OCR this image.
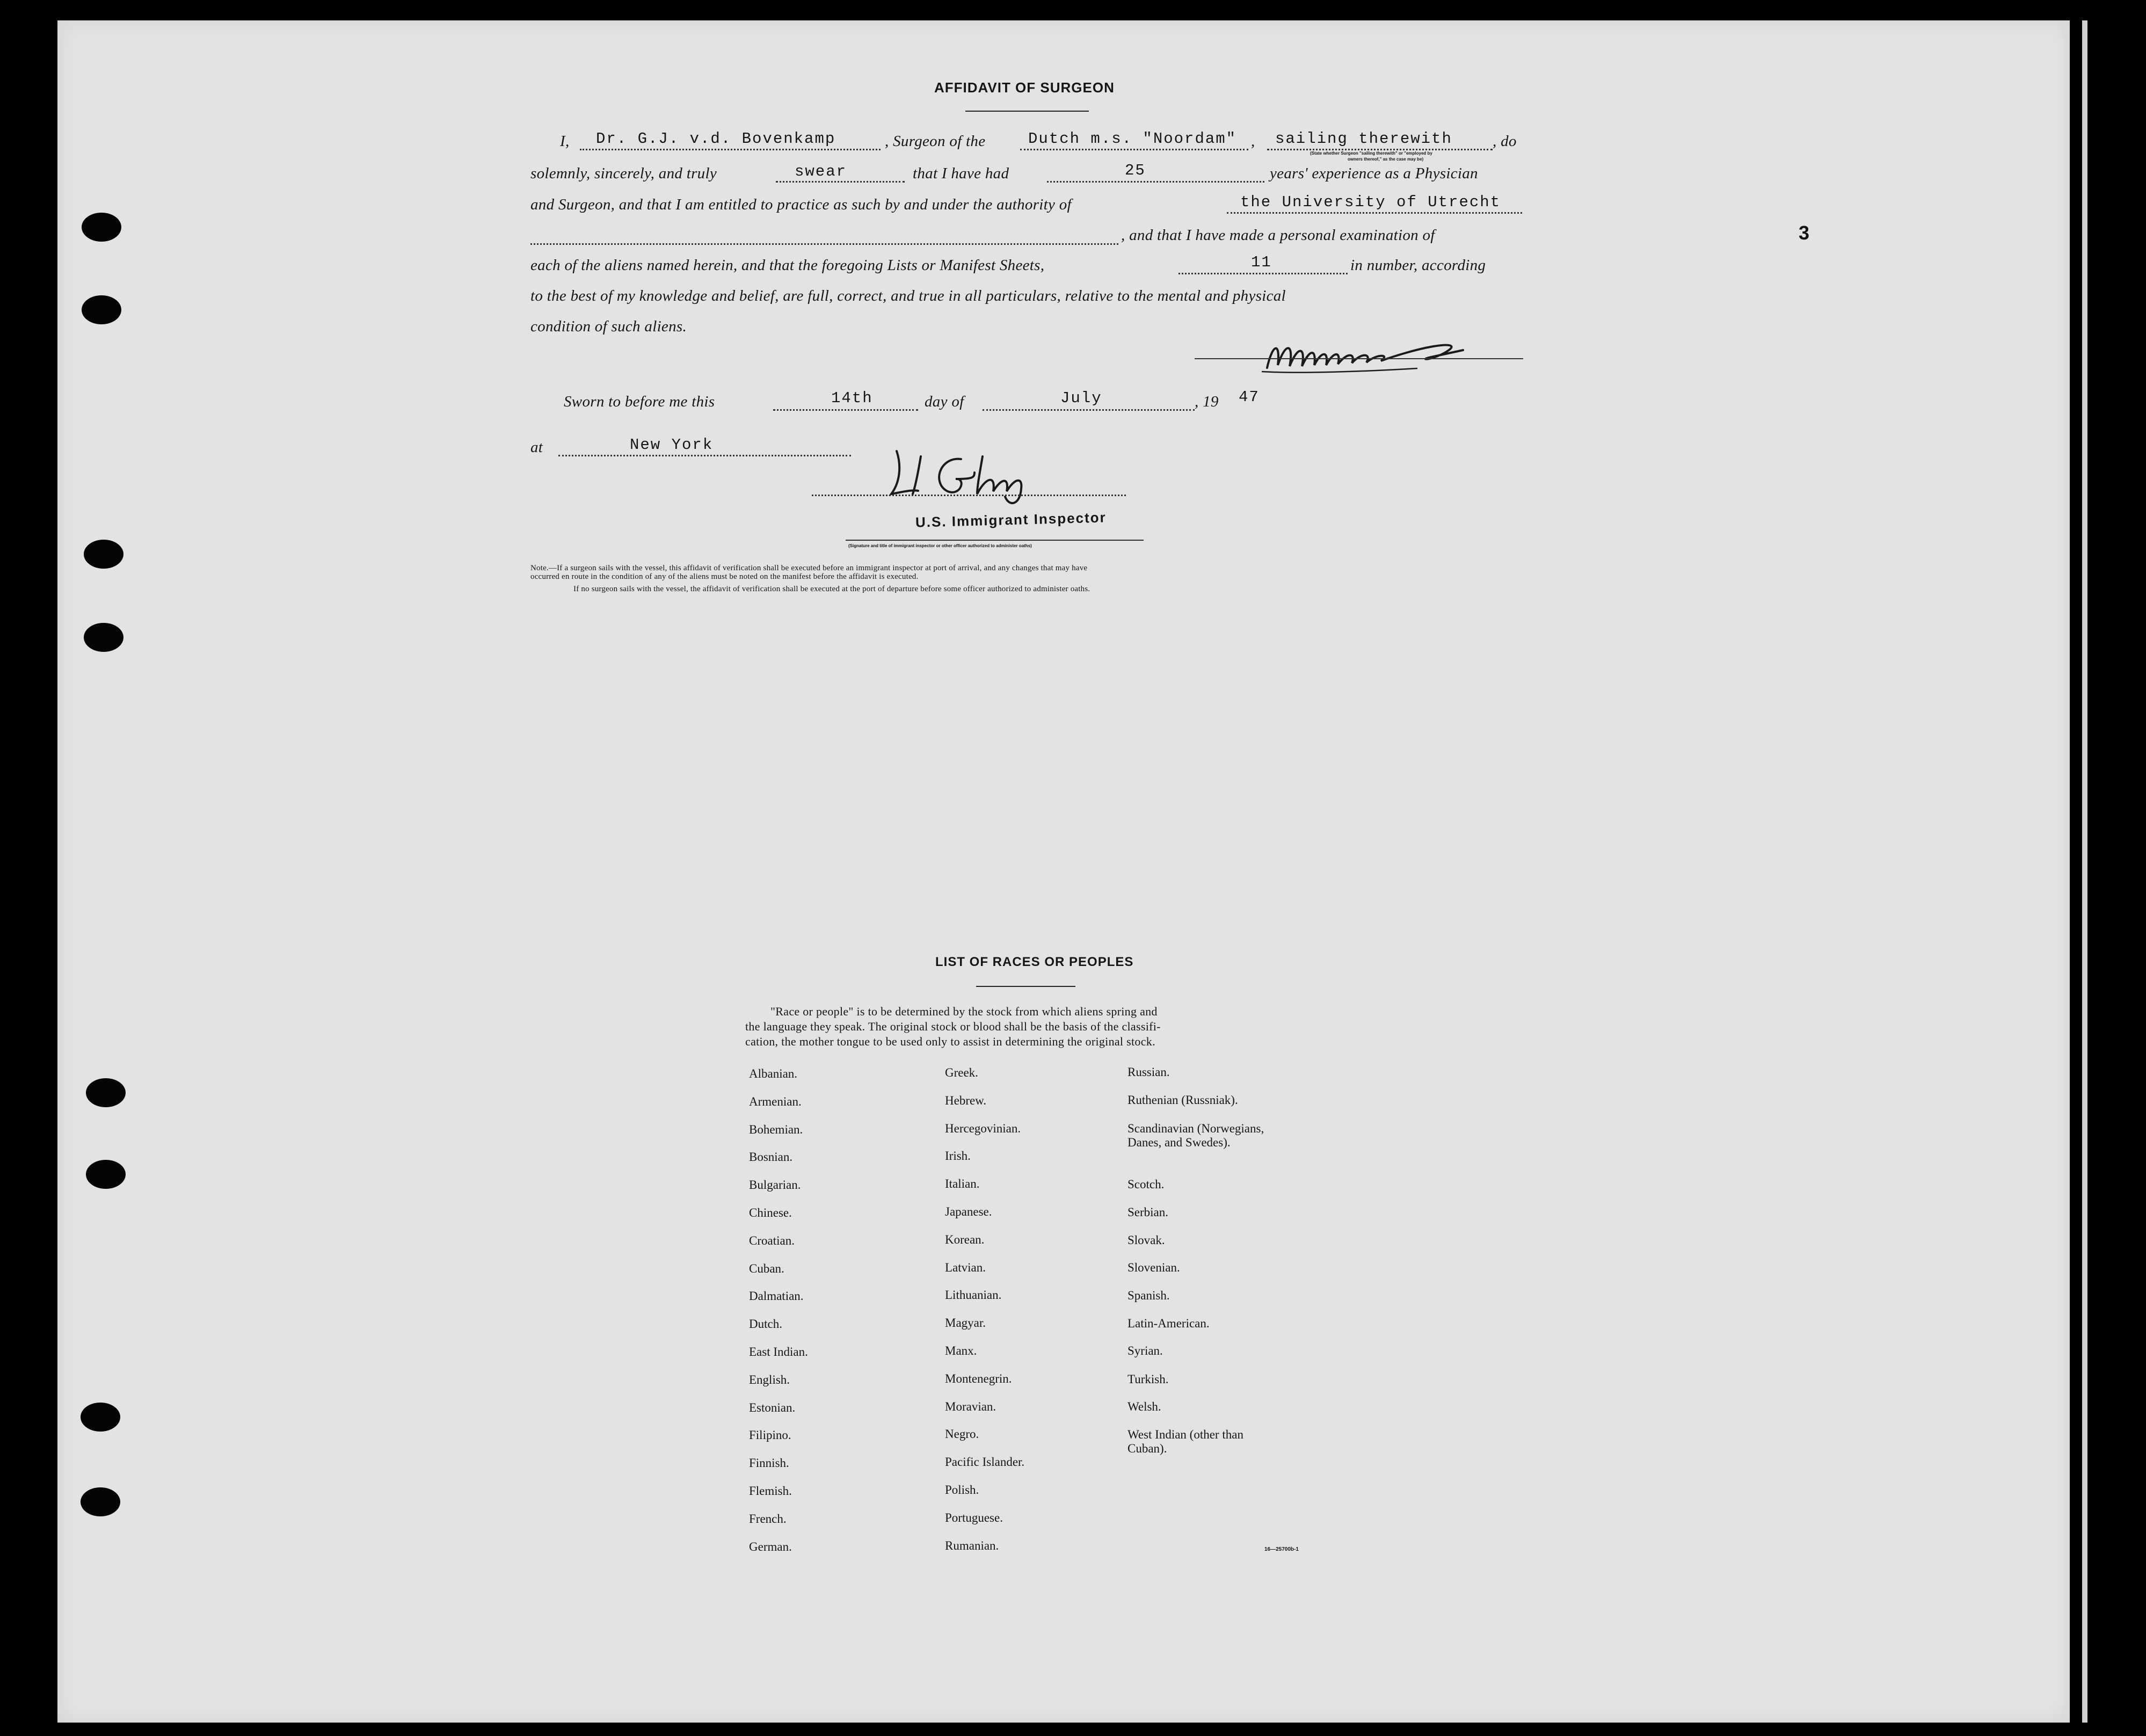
3
AFFIDAVIT OF SURGEON
I, Dr. G.J. v.d. Bovenkamp	, Surgeon of the	Dutch m.s. "Noordam" , sailing therewith	, do
(State whether Surgeon "sailing therewith" or "employed by
owners thereof," as the case may be)
solemnly, sincerely, and truly	swear	that I have had	25	years' experience as a Physician
and Surgeon, and that I am entitled to practice as such by and under the authority of	the University of Utrecht
, and that I have made a personal examination of
each of the aliens named herein, and that the foregoing Lists or Manifest Sheets,	11	in number, according
to the best of my knowledge and belief, are full, correct, and true in all particulars, relative to the mental and physical
condition of such aliens.
Sworn to before me this	14th	day of	July	, 19 47
at	New York
U.S. Immigrant Inspector
(Signature and title of immigrant inspector or other officer authorized to administer oaths)
Note.—If a surgeon sails with the vessel, this affidavit of verification shall be executed before an immigrant inspector at port of arrival, and any changes that may have
occurred en route in the condition of any of the aliens must be noted on the manifest before the affidavit is executed.
If no surgeon sails with the vessel, the affidavit of verification shall be executed at the port of departure before some officer authorized to administer oaths.
LIST OF RACES OR PEOPLES
"Race or people" is to be determined by the stock from which aliens spring and
the language they speak. The original stock or blood shall be the basis of the classifi-
cation, the mother tongue to be used only to assist in determining the original stock.
Albanian.
Armenian.
Bohemian.
Bosnian.
Bulgarian.
Chinese.
Croatian.
Cuban.
Dalmatian.
Dutch.
East Indian.
English.
Estonian.
Filipino.
Finnish.
Flemish.
French.
German.
Greek.
Hebrew.
Hercegovinian.
Irish.
Italian.
Japanese.
Korean.
Latvian.
Lithuanian.
Magyar.
Manx.
Montenegrin.
Moravian.
Negro.
Pacific Islander.
Polish.
Portuguese.
Rumanian.
Russian.
Ruthenian (Russniak).
Scandinavian (Norwegians,
Danes, and Swedes).
Scotch.
Serbian.
Slovak.
Slovenian.
Spanish.
Latin-American.
Syrian.
Turkish.
Welsh.
West Indian (other than
Cuban).
16—25700b-1
